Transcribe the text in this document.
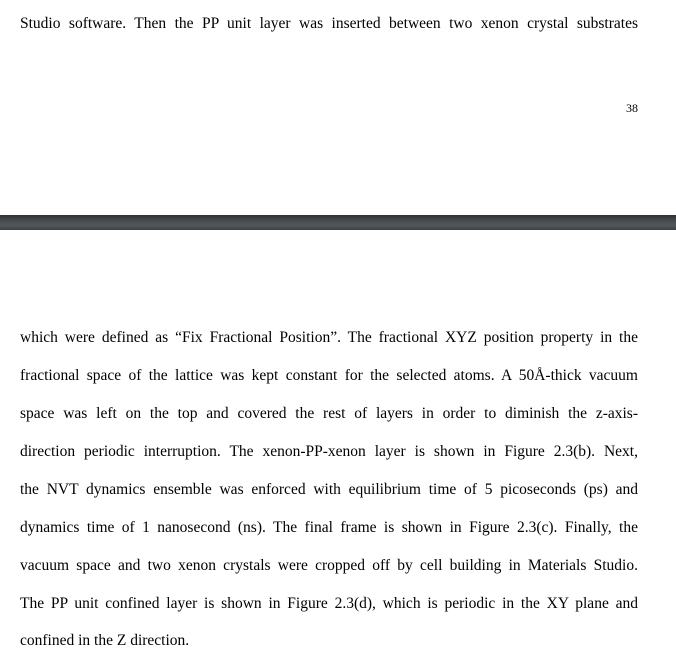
Studio software. Then the PP unit layer was inserted between two xenon crystal substrates
38
which were defined as “Fix Fractional Position”. The fractional XYZ position property in the
fractional space of the lattice was kept constant for the selected atoms. A 50Å-thick vacuum
space was left on the top and covered the rest of layers in order to diminish the z-axis-
direction periodic interruption. The xenon-PP-xenon layer is shown in Figure 2.3(b). Next,
the NVT dynamics ensemble was enforced with equilibrium time of 5 picoseconds (ps) and
dynamics time of 1 nanosecond (ns). The final frame is shown in Figure 2.3(c). Finally, the
vacuum space and two xenon crystals were cropped off by cell building in Materials Studio.
The PP unit confined layer is shown in Figure 2.3(d), which is periodic in the XY plane and
confined in the Z direction.
